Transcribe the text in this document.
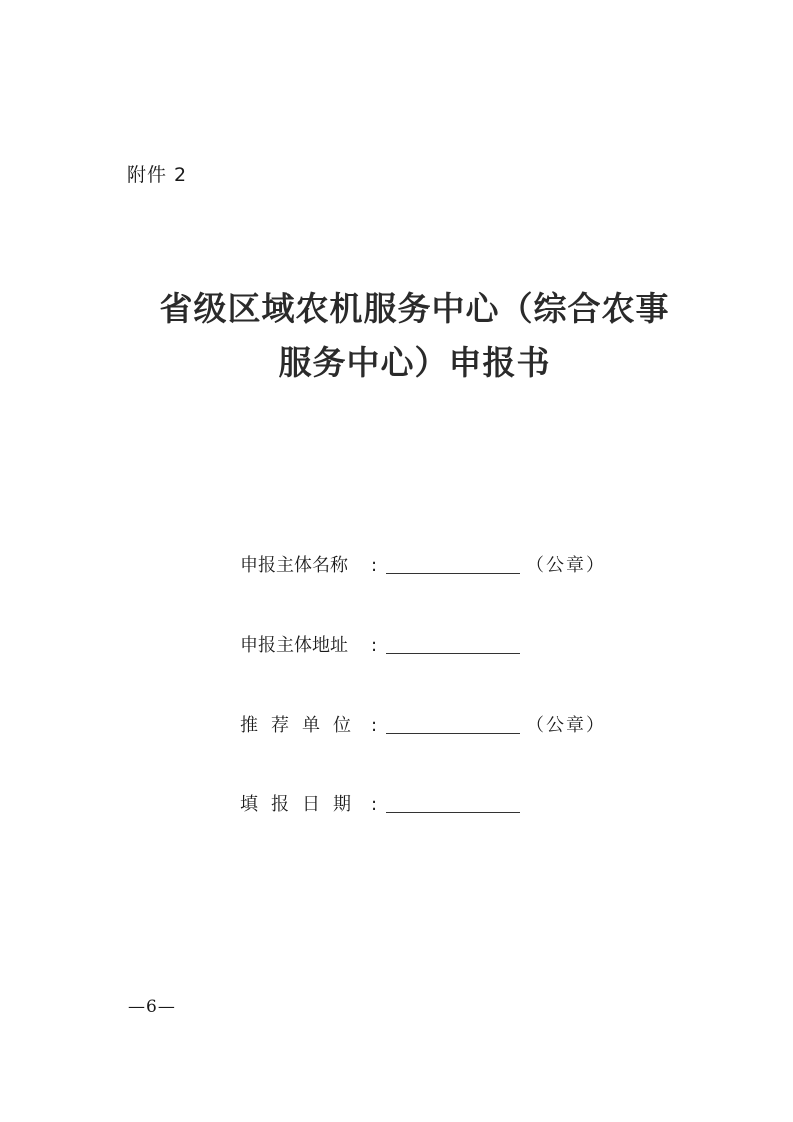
附件 2
省级区域农机服务中心（综合农事
服务中心）申报书
申报主体名称 :	（公章）
申报主体地址 :
推荐单位 :	（公章）
填报日期 :
—6—
